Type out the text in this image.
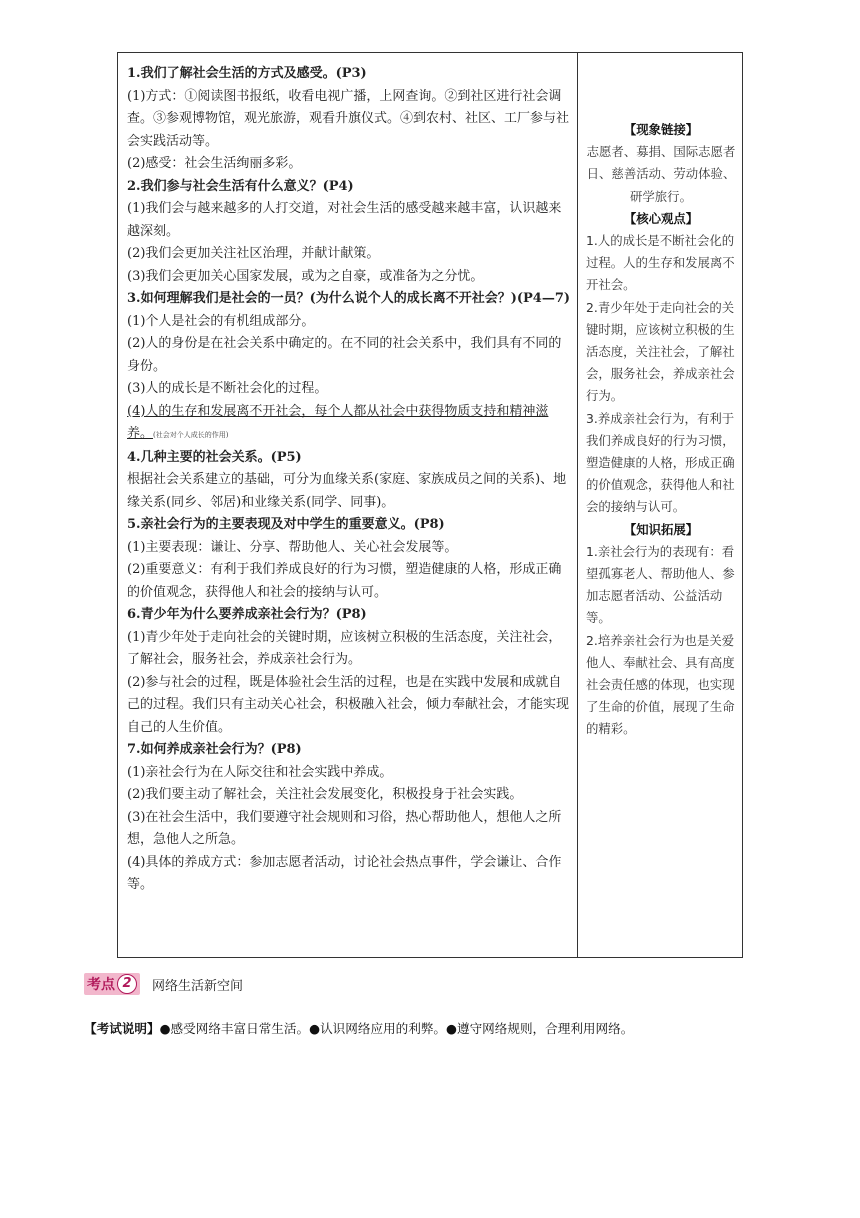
1.我们了解社会生活的方式及感受。(P3)

(1)方式：①阅读图书报纸，收看电视广播，上网查询。②到社区进行社会调查。③参观博物馆，观光旅游，观看升旗仪式。④到农村、社区、工厂参与社会实践活动等。

(2)感受：社会生活绚丽多彩。

2.我们参与社会生活有什么意义？(P4)

(1)我们会与越来越多的人打交道，对社会生活的感受越来越丰富，认识越来越深刻。

(2)我们会更加关注社区治理，并献计献策。

(3)我们会更加关心国家发展，或为之自豪，或准备为之分忧。

3.如何理解我们是社会的一员？(为什么说个人的成长离不开社会？)(P4—7)

(1)个人是社会的有机组成部分。

(2)人的身份是在社会关系中确定的。在不同的社会关系中，我们具有不同的身份。

(3)人的成长是不断社会化的过程。

(4)人的生存和发展离不开社会，每个人都从社会中获得物质支持和精神滋养。(社会对个人成长的作用)

4.几种主要的社会关系。(P5)

根据社会关系建立的基础，可分为血缘关系(家庭、家族成员之间的关系)、地缘关系(同乡、邻居)和业缘关系(同学、同事)。

5.亲社会行为的主要表现及对中学生的重要意义。(P8)

(1)主要表现：谦让、分享、帮助他人、关心社会发展等。

(2)重要意义：有利于我们养成良好的行为习惯，塑造健康的人格，形成正确的价值观念，获得他人和社会的接纳与认可。

6.青少年为什么要养成亲社会行为？(P8)

(1)青少年处于走向社会的关键时期，应该树立积极的生活态度，关注社会，了解社会，服务社会，养成亲社会行为。

(2)参与社会的过程，既是体验社会生活的过程，也是在实践中发展和成就自己的过程。我们只有主动关心社会，积极融入社会，倾力奉献社会，才能实现自己的人生价值。

7.如何养成亲社会行为？(P8)

(1)亲社会行为在人际交往和社会实践中养成。

(2)我们要主动了解社会，关注社会发展变化，积极投身于社会实践。

(3)在社会生活中，我们要遵守社会规则和习俗，热心帮助他人，想他人之所想，急他人之所急。

(4)具体的养成方式：参加志愿者活动，讨论社会热点事件，学会谦让、合作等。

【现象链接】

志愿者、募捐、国际志愿者日、慈善活动、劳动体验、研学旅行。

【核心观点】

1.人的成长是不断社会化的过程。人的生存和发展离不开社会。

2.青少年处于走向社会的关键时期，应该树立积极的生活态度，关注社会，了解社会，服务社会，养成亲社会行为。

3.养成亲社会行为，有利于我们养成良好的行为习惯，塑造健康的人格，形成正确的价值观念，获得他人和社会的接纳与认可。

【知识拓展】

1.亲社会行为的表现有：看望孤寡老人、帮助他人、参加志愿者活动、公益活动等。

2.培养亲社会行为也是关爱他人、奉献社会、具有高度社会责任感的体现，也实现了生命的价值，展现了生命的精彩。

考点 2	网络生活新空间
【考试说明】●感受网络丰富日常生活。●认识网络应用的利弊。●遵守网络规则，合理利用网络。
